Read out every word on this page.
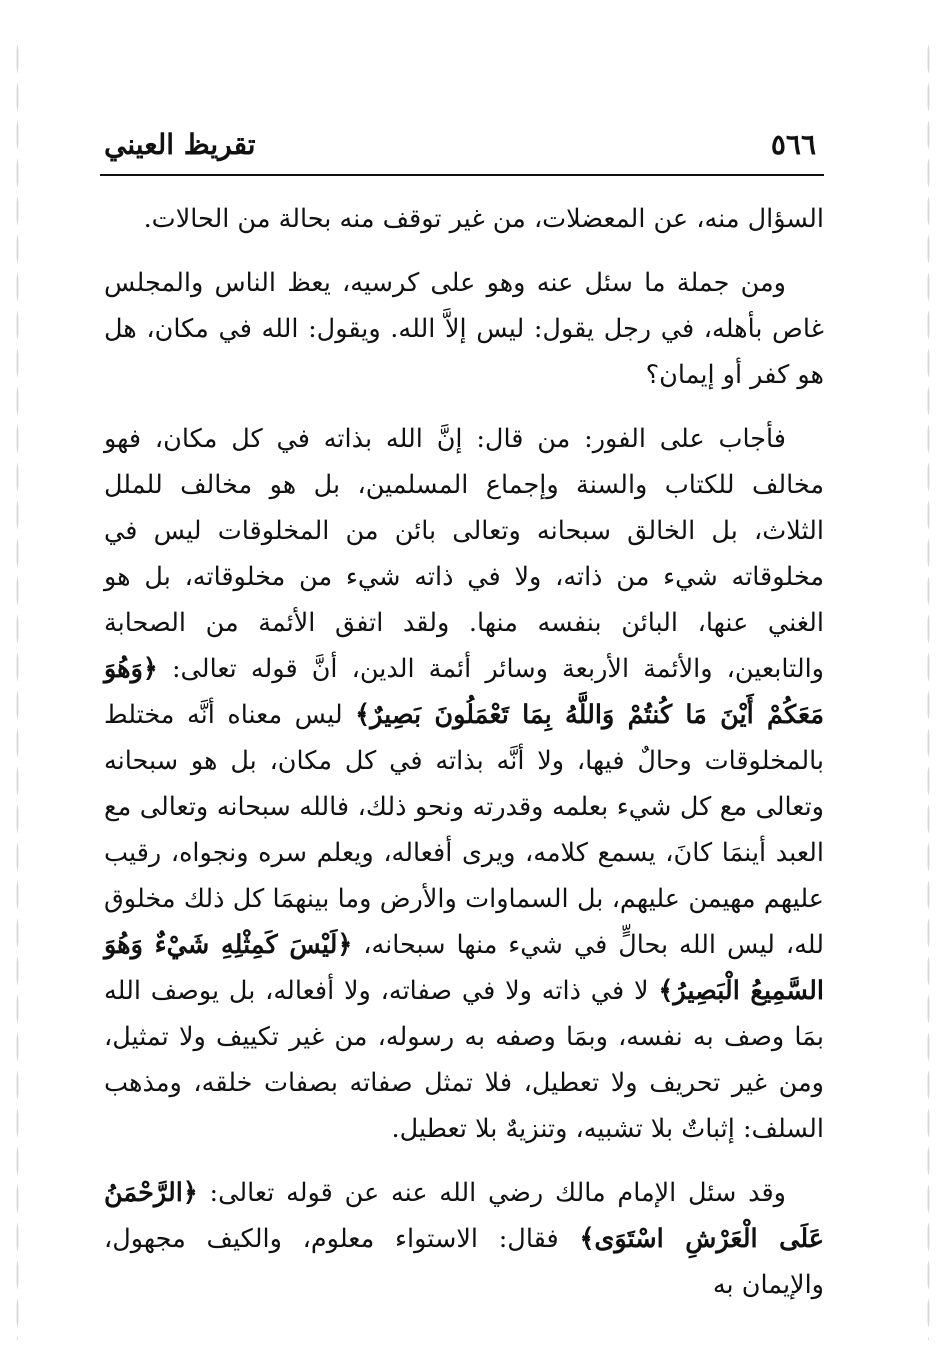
٥٦٦
تقريظ العيني

السؤال منه، عن المعضلات، من غير توقف منه بحالة من الحالات.

ومن جملة ما سئل عنه وهو على كرسيه، يعظ الناس والمجلس غاص بأهله، في رجل يقول: ليس إلاَّ الله. ويقول: الله في مكان، هل هو كفر أو إيمان؟

فأجاب على الفور: من قال: إنَّ الله بذاته في كل مكان، فهو مخالف للكتاب والسنة وإجماع المسلمين، بل هو مخالف للملل الثلاث، بل الخالق سبحانه وتعالى بائن من المخلوقات ليس في مخلوقاته شيء من ذاته، ولا في ذاته شيء من مخلوقاته، بل هو الغني عنها، البائن بنفسه منها. ولقد اتفق الأئمة من الصحابة والتابعين، والأئمة الأربعة وسائر أئمة الدين، أنَّ قوله تعالى: ﴿وَهُوَ مَعَكُمْ أَيْنَ مَا كُنتُمْ وَاللَّهُ بِمَا تَعْمَلُونَ بَصِيرٌ﴾ ليس معناه أنَّه مختلط بالمخلوقات وحالٌ فيها، ولا أنَّه بذاته في كل مكان، بل هو سبحانه وتعالى مع كل شيء بعلمه وقدرته ونحو ذلك، فالله سبحانه وتعالى مع العبد أينمَا كانَ، يسمع كلامه، ويرى أفعاله، ويعلم سره ونجواه، رقيب عليهم مهيمن عليهم، بل السماوات والأرض وما بينهمَا كل ذلك مخلوق لله، ليس الله بحالٍّ في شيء منها سبحانه، ﴿لَيْسَ كَمِثْلِهِ شَيْءٌ وَهُوَ السَّمِيعُ الْبَصِيرُ﴾ لا في ذاته ولا في صفاته، ولا أفعاله، بل يوصف الله بمَا وصف به نفسه، وبمَا وصفه به رسوله، من غير تكييف ولا تمثيل، ومن غير تحريف ولا تعطيل، فلا تمثل صفاته بصفات خلقه، ومذهب السلف: إثباتٌ بلا تشبيه، وتنزيهٌ بلا تعطيل.

وقد سئل الإمام مالك رضي الله عنه عن قوله تعالى: ﴿الرَّحْمَنُ عَلَى الْعَرْشِ اسْتَوَى﴾ فقال: الاستواء معلوم، والكيف مجهول، والإيمان به
